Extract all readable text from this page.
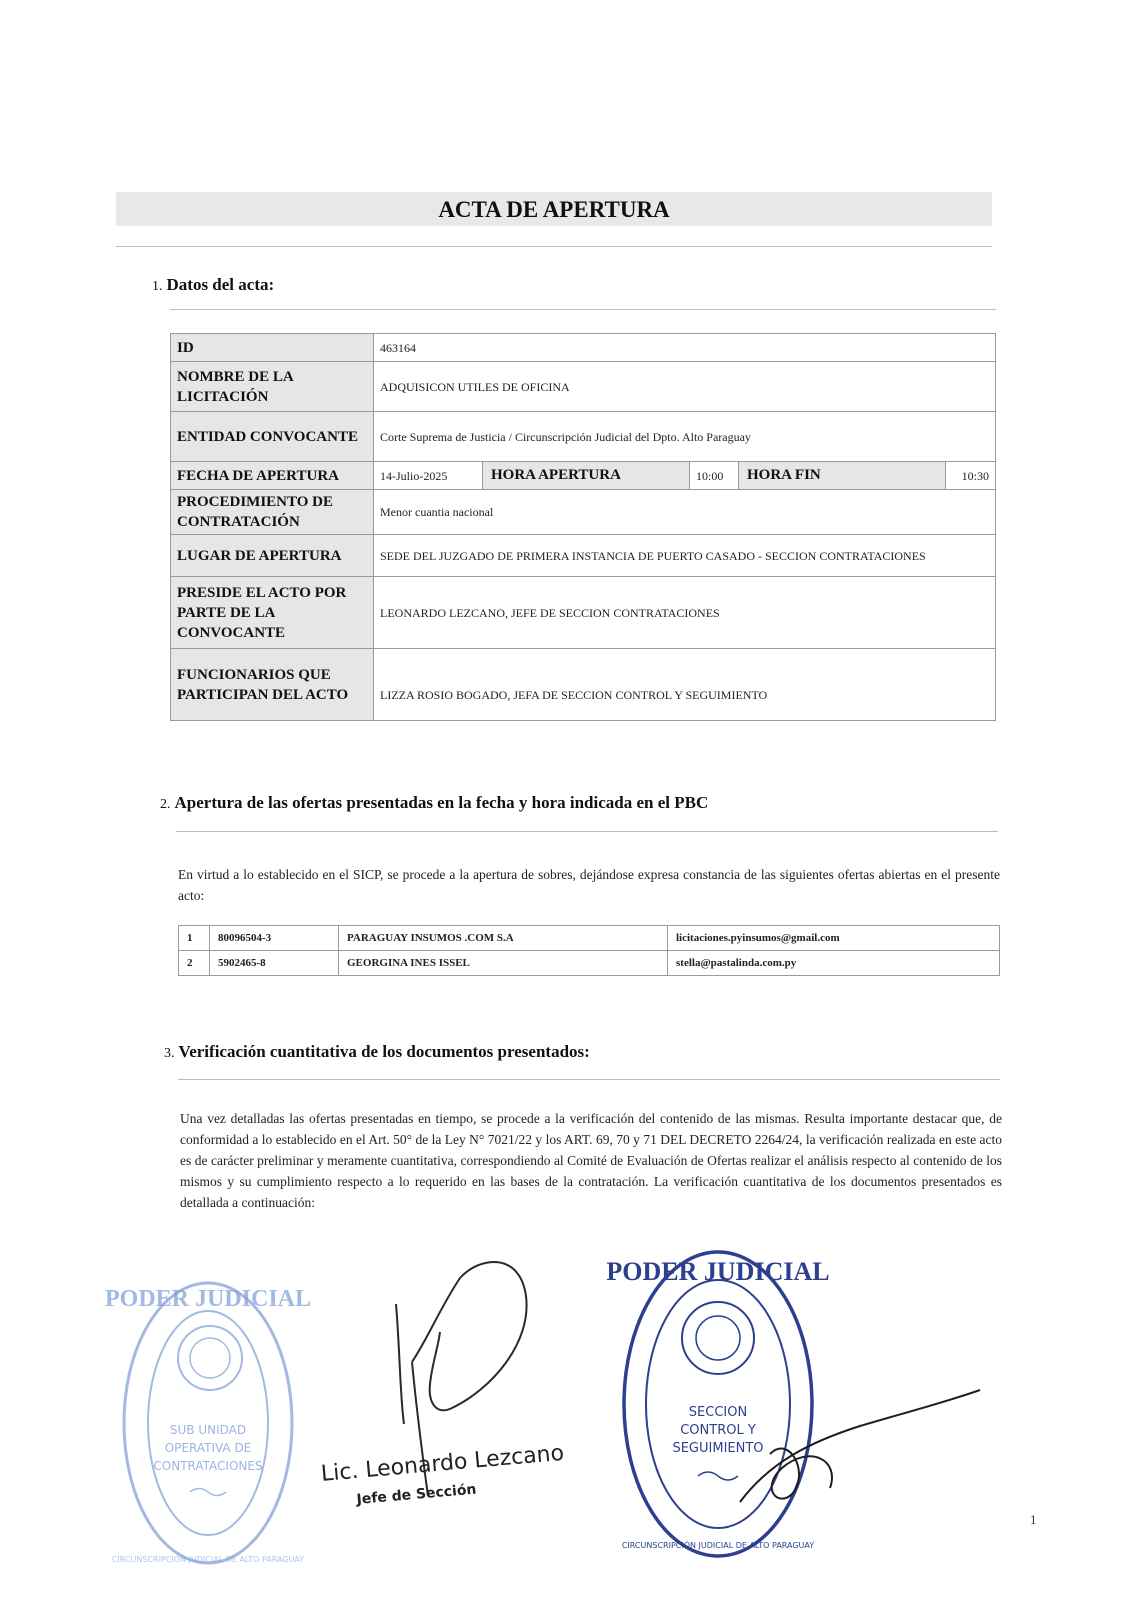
ACTA DE APERTURA
1. Datos del acta:
ID	463164				
NOMBRE DE LA LICITACIÓN	ADQUISICON UTILES DE OFICINA				
ENTIDAD CONVOCANTE	Corte Suprema de Justicia / Circunscripción Judicial del Dpto. Alto Paraguay				
FECHA DE APERTURA	14-Julio-2025	HORA APERTURA	10:00	HORA FIN	10:30
PROCEDIMIENTO DE CONTRATACIÓN	Menor cuantia nacional				
LUGAR DE APERTURA	SEDE DEL JUZGADO DE PRIMERA INSTANCIA DE PUERTO CASADO - SECCION CONTRATACIONES				
PRESIDE EL ACTO POR PARTE DE LA CONVOCANTE	LEONARDO LEZCANO, JEFE DE SECCION CONTRATACIONES				
FUNCIONARIOS QUE PARTICIPAN DEL ACTO	LIZZA ROSIO BOGADO, JEFA DE SECCION CONTROL Y SEGUIMIENTO				
2. Apertura de las ofertas presentadas en la fecha y hora indicada en el PBC
En virtud a lo establecido en el SICP, se procede a la apertura de sobres, dejándose expresa constancia de las siguientes ofertas abiertas en el presente acto:
1	80096504-3	PARAGUAY INSUMOS .COM S.A	licitaciones.pyinsumos@gmail.com
2	5902465-8	GEORGINA INES ISSEL	stella@pastalinda.com.py
3. Verificación cuantitativa de los documentos presentados:
Una vez detalladas las ofertas presentadas en tiempo, se procede a la verificación del contenido de las mismas. Resulta importante destacar que, de conformidad a lo establecido en el Art. 50° de la Ley N° 7021/22 y los ART. 69, 70 y 71 DEL DECRETO 2264/24, la verificación realizada en este acto es de carácter preliminar y meramente cuantitativa, correspondiendo al Comité de Evaluación de Ofertas realizar el análisis respecto al contenido de los mismos y su cumplimiento respecto a lo requerido en las bases de la contratación. La verificación cuantitativa de los documentos presentados es detallada a continuación:
PODER JUDICIAL
CIRCUNSCRIPCIÓN JUDICIAL DE ALTO PARAGUAY
SUB UNIDAD
OPERATIVA DE
CONTRATACIONES	Lic. Leonardo Lezcano
Jefe de Sección
PODER JUDICIAL
CIRCUNSCRIPCIÓN JUDICIAL DE ALTO PARAGUAY
SECCION
CONTROL Y
SEGUIMIENTO
1
